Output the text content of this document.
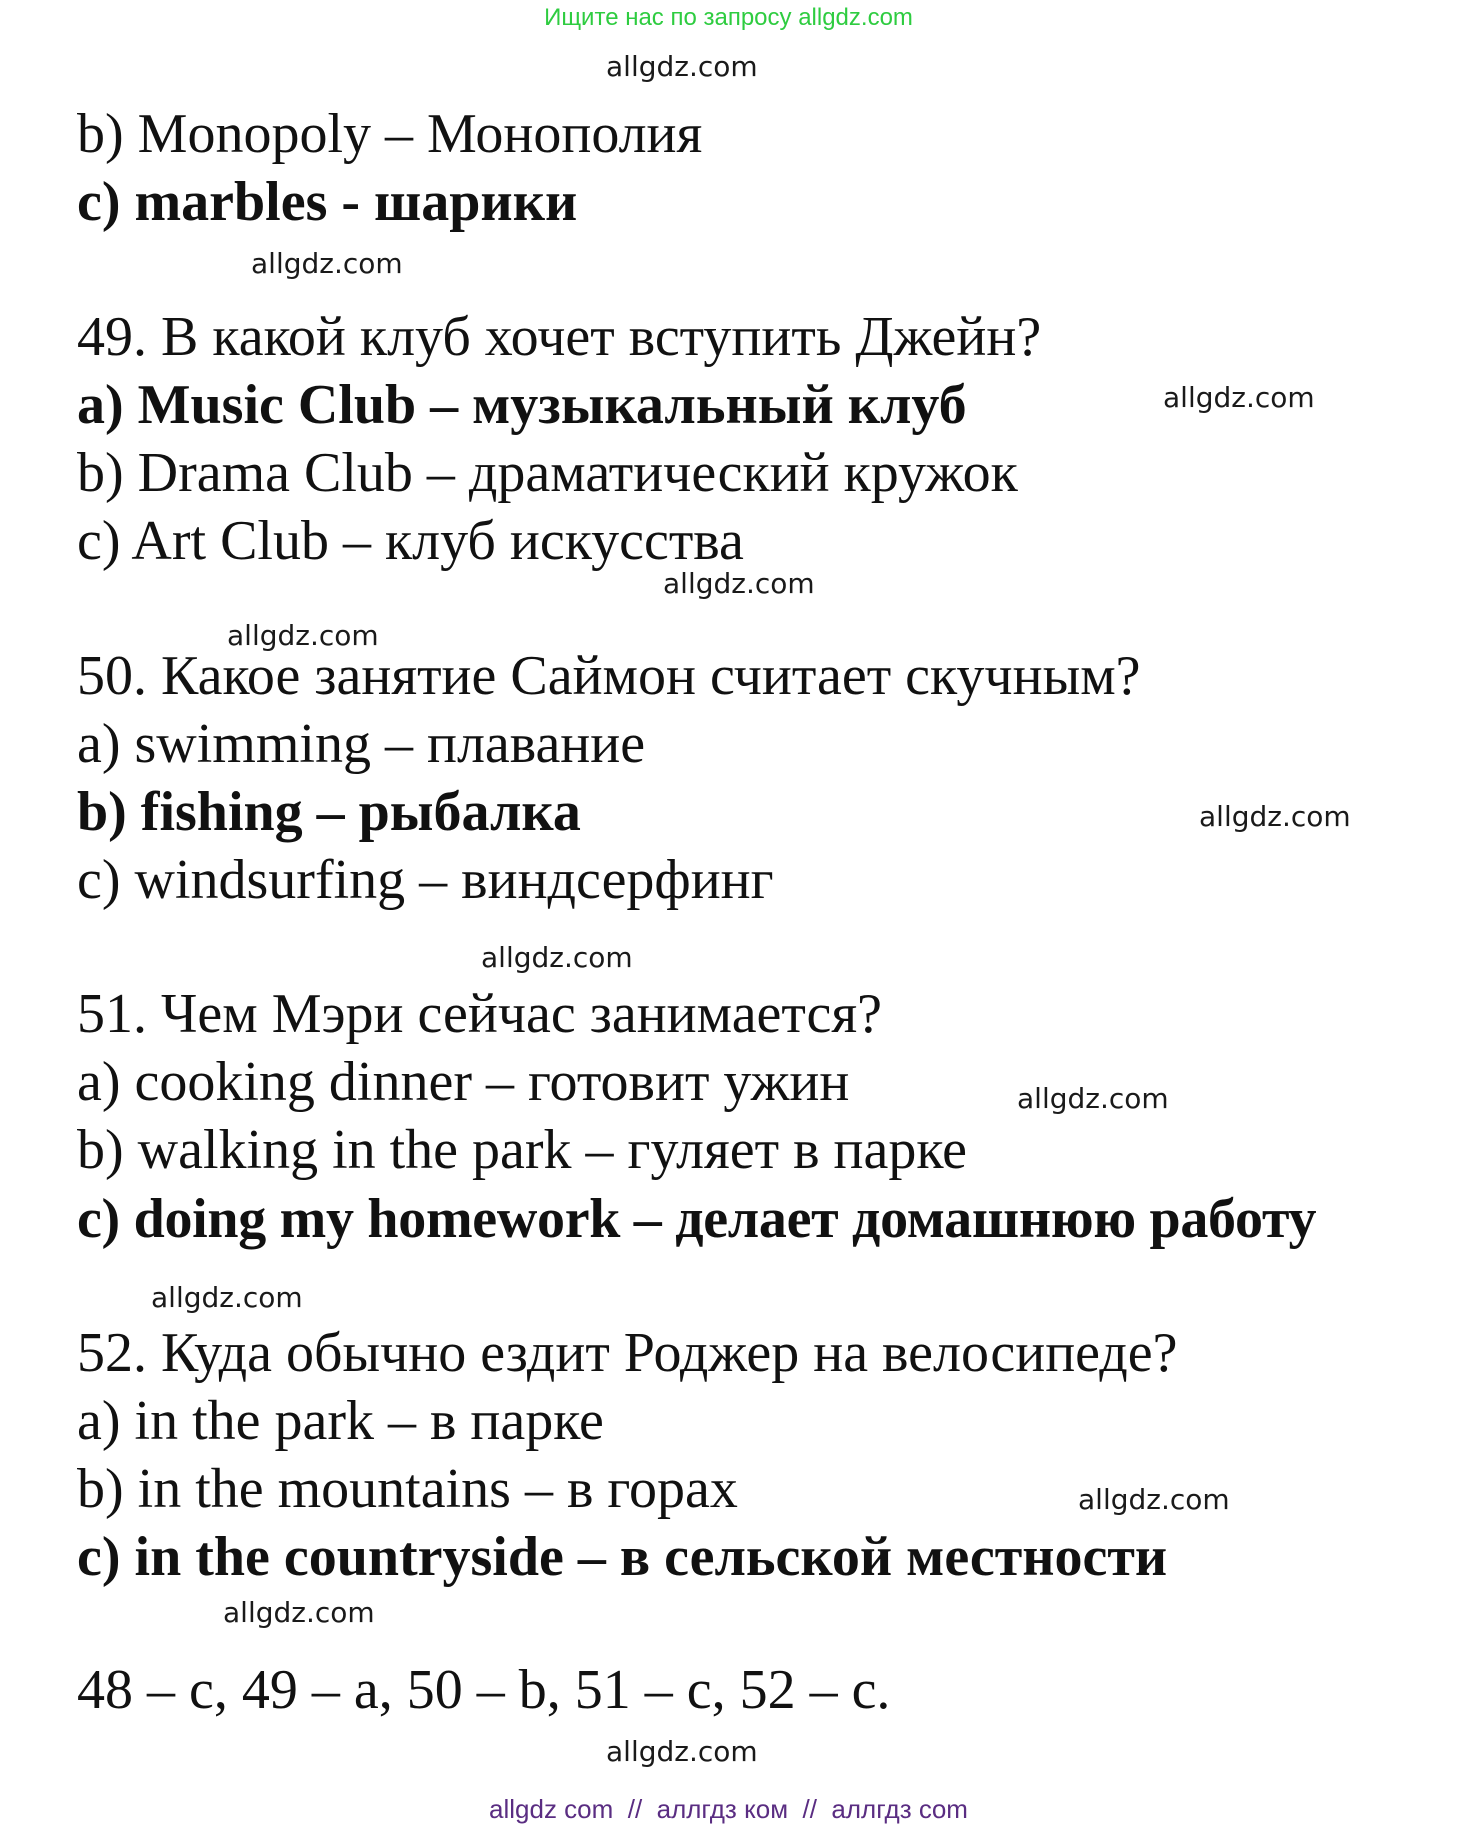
Ищите нас по запросу allgdz.com
allgdz.com
b) Monopoly – Монополия
c) marbles - шарики
allgdz.com
49. В какой клуб хочет вступить Джейн?
a) Music Club – музыкальный клуб	allgdz.com
b) Drama Club – драматический кружок
c) Art Club – клуб искусства
allgdz.com
allgdz.com
50. Какое занятие Саймон считает скучным?
a) swimming – плавание
b) fishing – рыбалка	allgdz.com
c) windsurfing – виндсерфинг
allgdz.com
51. Чем Мэри сейчас занимается?
a) cooking dinner – готовит ужин	allgdz.com
b) walking in the park – гуляет в парке
c) doing my homework – делает домашнюю работу
allgdz.com
52. Куда обычно ездит Роджер на велосипеде?
a) in the park – в парке
b) in the mountains – в горах	allgdz.com
c) in the countryside – в сельской местности
allgdz.com
48 – c, 49 – a, 50 – b, 51 – c, 52 – c.
allgdz.com
allgdz com  //  аллгдз ком  //  аллгдз com
